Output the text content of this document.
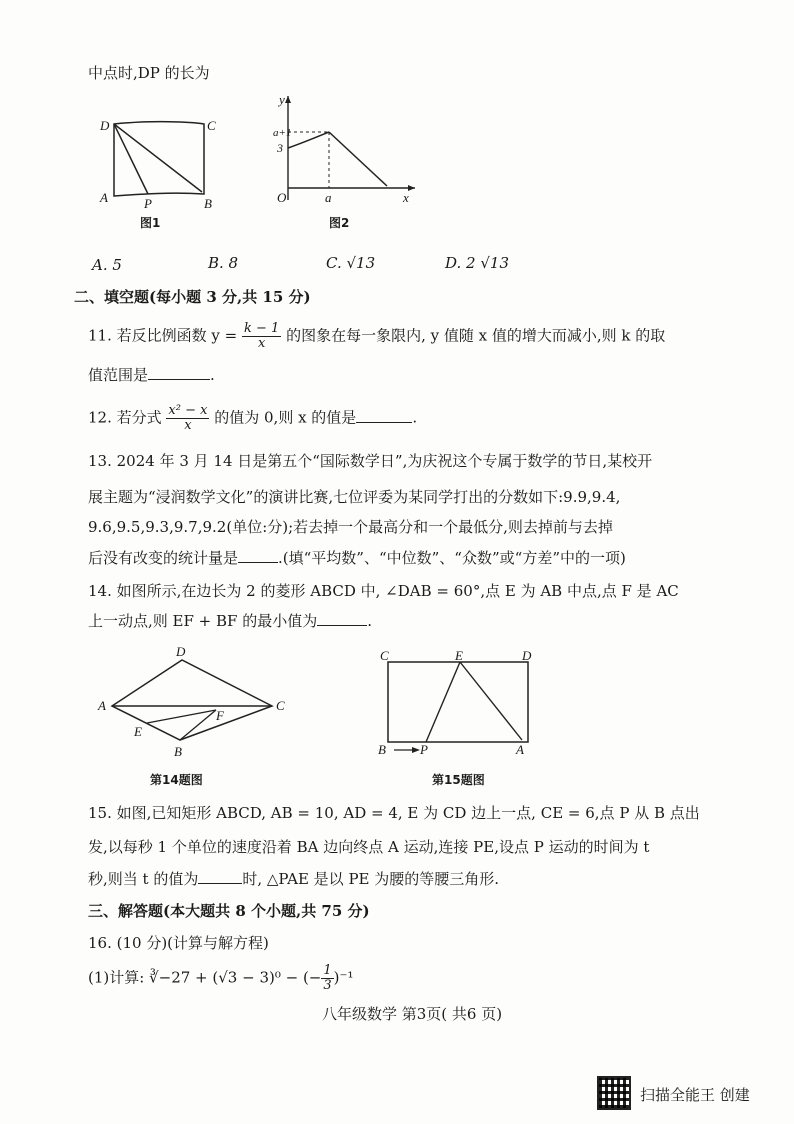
中点时,DP 的长为
D	C
A	P	B
图1
y
a+1
3
O	a	x
图2
A. 5	B. 8	C. √13	D. 2 √13
二、填空题(每小题 3 分,共 15 分)
11. 若反比例函数 $y = \frac{k - 1}{x}$ 的图象在每一象限内, y 值随 x 值的增大而减小,则 k 的取
值范围是	.
12. 若分式 $\frac{\text{x² − x}}{x}$ 的值为 0,则 x 的值是	.
13. 2024 年 3 月 14 日是第五个“国际数学日”,为庆祝这个专属于数学的节日,某校开
展主题为“浸润数学文化”的演讲比赛,七位评委为某同学打出的分数如下:9.9,9.4,
9.6,9.5,9.3,9.7,9.2(单位:分);若去掉一个最高分和一个最低分,则去掉前与去掉
后没有改变的统计量是	.(填“平均数”、“中位数”、“众数”或“方差”中的一项)
14. 如图所示,在边长为 2 的菱形 ABCD 中, ∠DAB = 60°,点 E 为 AB 中点,点 F 是 AC
上一动点,则 EF + BF 的最小值为	.
D
A	C
F
E
B
第14题图
C	E	D
B	P	A
第15题图
15. 如图,已知矩形 ABCD, AB = 10, AD = 4, E 为 CD 边上一点, CE = 6,点 P 从 B 点出
发,以每秒 1 个单位的速度沿着 BA 边向终点 A 运动,连接 PE,设点 P 运动的时间为 t
秒,则当 t 的值为	时, △PAE 是以 PE 为腰的等腰三角形.
三、解答题(本大题共 8 个小题,共 75 分)
16. (10 分)(计算与解方程)
(1)计算: ∛−27 + (√3 − 3)⁰ − (− $\frac{1}{3} )^{-1}$
八年级数学 第3页( 共6 页)
扫描全能王 创建
